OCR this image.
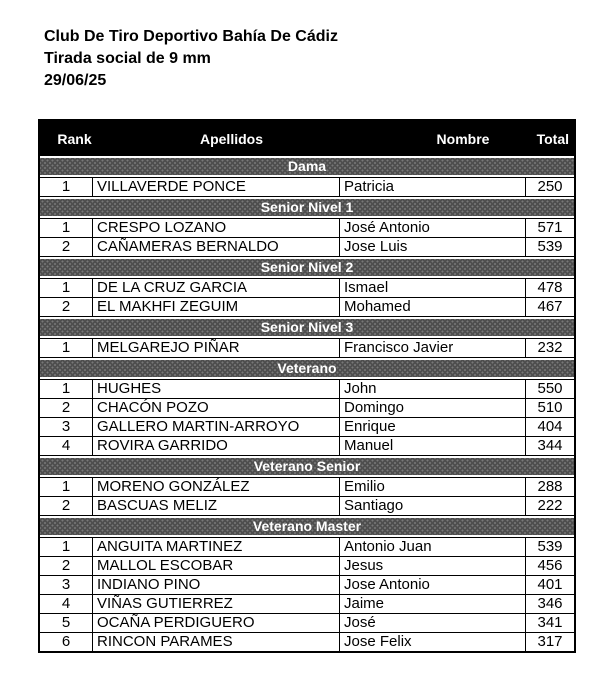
Club De Tiro Deportivo Bahía De Cádiz
Tirada social de 9 mm
29/06/25
Rank	Apellidos	Nombre	Total
Dama
1	VILLAVERDE PONCE	Patricia	250
Senior Nivel 1
1	CRESPO LOZANO	José Antonio	571
2	CAÑAMERAS BERNALDO	Jose Luis	539
Senior Nivel 2
1	DE LA CRUZ GARCIA	Ismael	478
2	EL MAKHFI ZEGUIM	Mohamed	467
Senior Nivel 3
1	MELGAREJO PIÑAR	Francisco Javier	232
Veterano
1	HUGHES	John	550
2	CHACÓN POZO	Domingo	510
3	GALLERO MARTIN-ARROYO	Enrique	404
4	ROVIRA GARRIDO	Manuel	344
Veterano Senior
1	MORENO GONZÁLEZ	Emilio	288
2	BASCUAS MELIZ	Santiago	222
Veterano Master
1	ANGUITA MARTINEZ	Antonio Juan	539
2	MALLOL ESCOBAR	Jesus	456
3	INDIANO PINO	Jose Antonio	401
4	VIÑAS GUTIERREZ	Jaime	346
5	OCAÑA PERDIGUERO	José	341
6	RINCON PARAMES	Jose Felix	317
